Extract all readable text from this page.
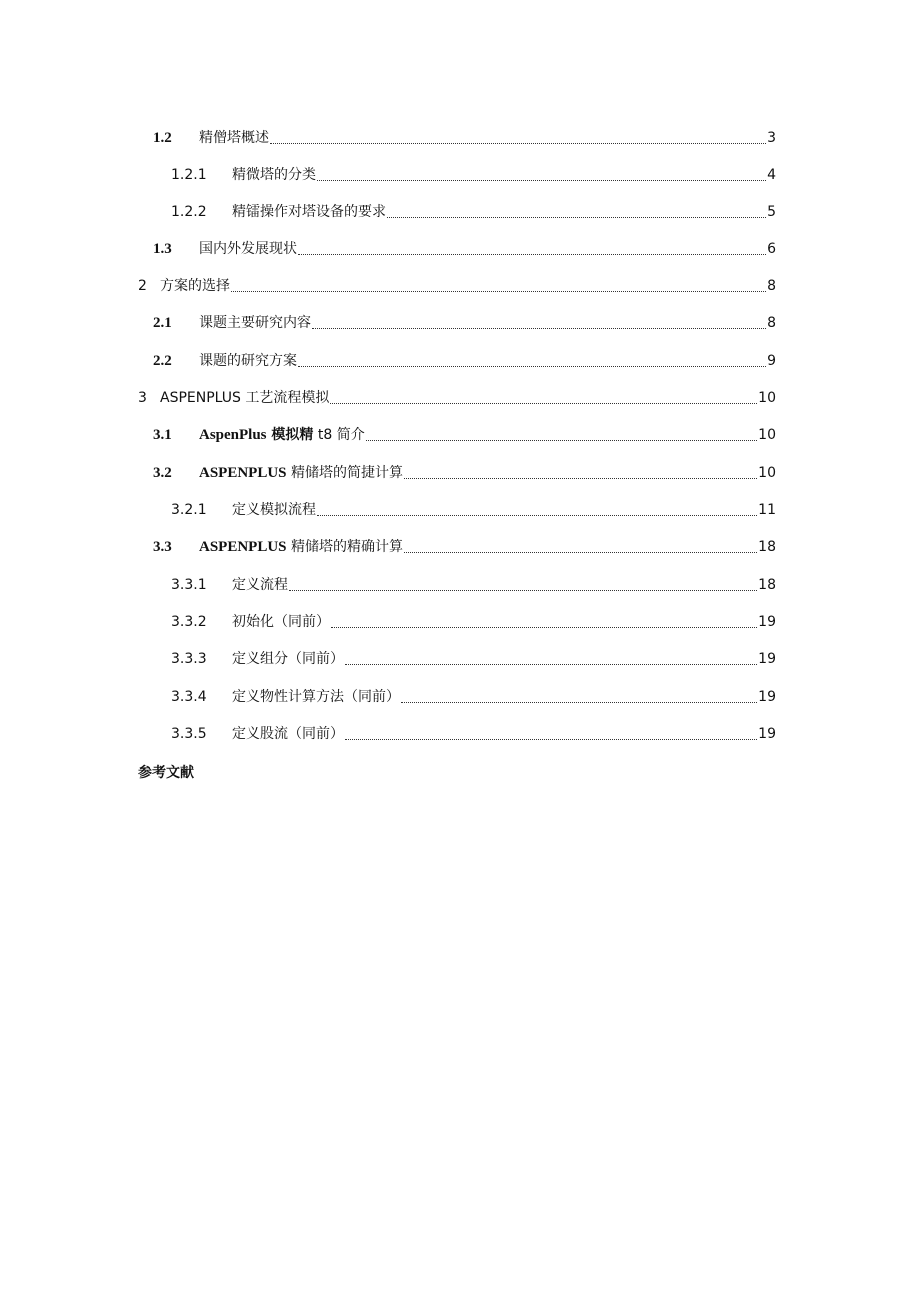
1.2	精僧塔概述	3
1.2.1	精微塔的分类	4
1.2.2	精镭操作对塔设备的要求	5
1.3	国内外发展现状	6
2 方案的选择	8
2.1	课题主要研究内容	8
2.2	课题的研究方案	9
3 ASPENPLUS 工艺流程模拟	10
3.1	AspenPlus 模拟精 t8 简介	10
3.2	ASPENPLUS 精储塔的简捷计算	10
3.2.1	定义模拟流程	11
3.3	ASPENPLUS 精储塔的精确计算	18
3.3.1	定义流程	18
3.3.2	初始化（同前）	19
3.3.3	定义组分（同前）	19
3.3.4	定义物性计算方法（同前）	19
3.3.5	定义股流（同前）	19
参考文献
